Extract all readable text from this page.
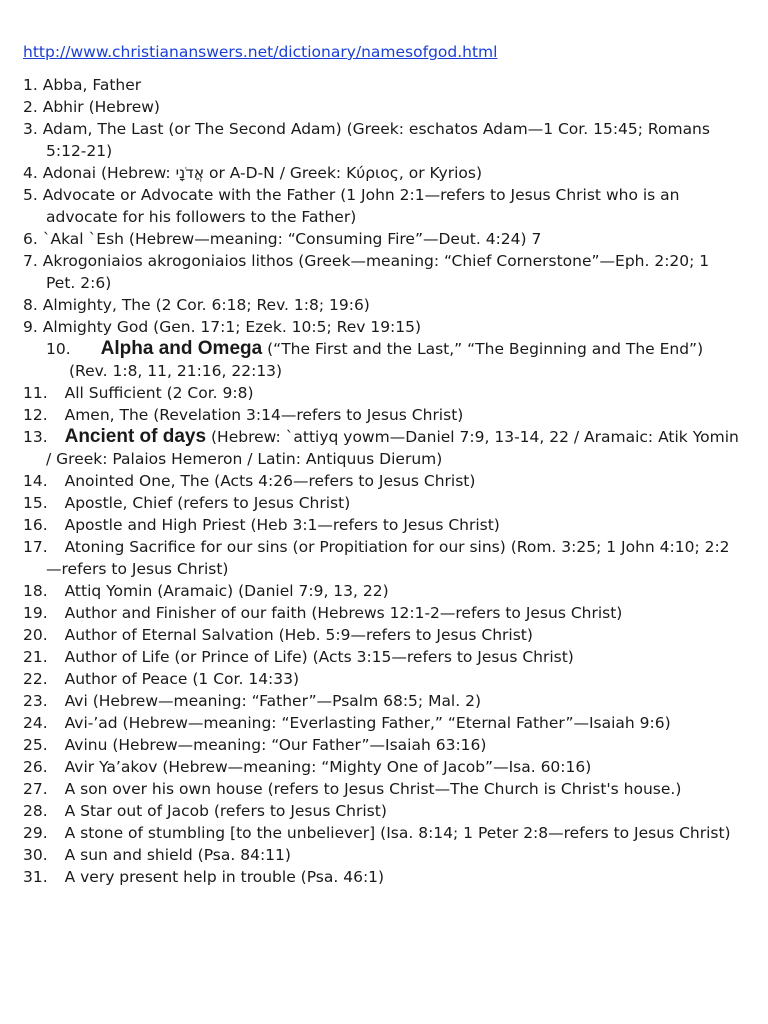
http://www.christiananswers.net/dictionary/namesofgod.html
1. Abba, Father
2. Abhir (Hebrew)
3. Adam, The Last (or The Second Adam) (Greek: eschatos Adam—1 Cor. 15:45; Romans 5:12-21)
4. Adonai (Hebrew: אֲדֹנָי or A-D-N / Greek: Κύριος, or Kyrios)
5. Advocate or Advocate with the Father (1 John 2:1—refers to Jesus Christ who is an advocate for his followers to the Father)
6. `Akal `Esh (Hebrew—meaning: “Consuming Fire”—Deut. 4:24) 7
7. Akrogoniaios akrogoniaios lithos (Greek—meaning: “Chief Cornerstone”—Eph. 2:20; 1 Pet. 2:6)
8. Almighty, The (2 Cor. 6:18; Rev. 1:8; 19:6)
9. Almighty God (Gen. 17:1; Ezek. 10:5; Rev 19:15)
10. Alpha and Omega (“The First and the Last,” “The Beginning and The End”) (Rev. 1:8, 11, 21:16, 22:13)
11. All Sufficient (2 Cor. 9:8)
12. Amen, The (Revelation 3:14—refers to Jesus Christ)
13. Ancient of days (Hebrew: `attiyq yowm—Daniel 7:9, 13-14, 22 / Aramaic: Atik Yomin / Greek: Palaios Hemeron / Latin: Antiquus Dierum)
14. Anointed One, The (Acts 4:26—refers to Jesus Christ)
15. Apostle, Chief (refers to Jesus Christ)
16. Apostle and High Priest (Heb 3:1—refers to Jesus Christ)
17. Atoning Sacrifice for our sins (or Propitiation for our sins) (Rom. 3:25; 1 John 4:10; 2:2—refers to Jesus Christ)
18. Attiq Yomin (Aramaic) (Daniel 7:9, 13, 22)
19. Author and Finisher of our faith (Hebrews 12:1-2—refers to Jesus Christ)
20. Author of Eternal Salvation (Heb. 5:9—refers to Jesus Christ)
21. Author of Life (or Prince of Life) (Acts 3:15—refers to Jesus Christ)
22. Author of Peace (1 Cor. 14:33)
23. Avi (Hebrew—meaning: “Father”—Psalm 68:5; Mal. 2)
24. Avi-’ad (Hebrew—meaning: “Everlasting Father,” “Eternal Father”—Isaiah 9:6)
25. Avinu (Hebrew—meaning: “Our Father”—Isaiah 63:16)
26. Avir Ya’akov (Hebrew—meaning: “Mighty One of Jacob”—Isa. 60:16)
27. A son over his own house (refers to Jesus Christ—The Church is Christ's house.)
28. A Star out of Jacob (refers to Jesus Christ)
29. A stone of stumbling [to the unbeliever] (Isa. 8:14; 1 Peter 2:8—refers to Jesus Christ)
30. A sun and shield (Psa. 84:11)
31. A very present help in trouble (Psa. 46:1)
